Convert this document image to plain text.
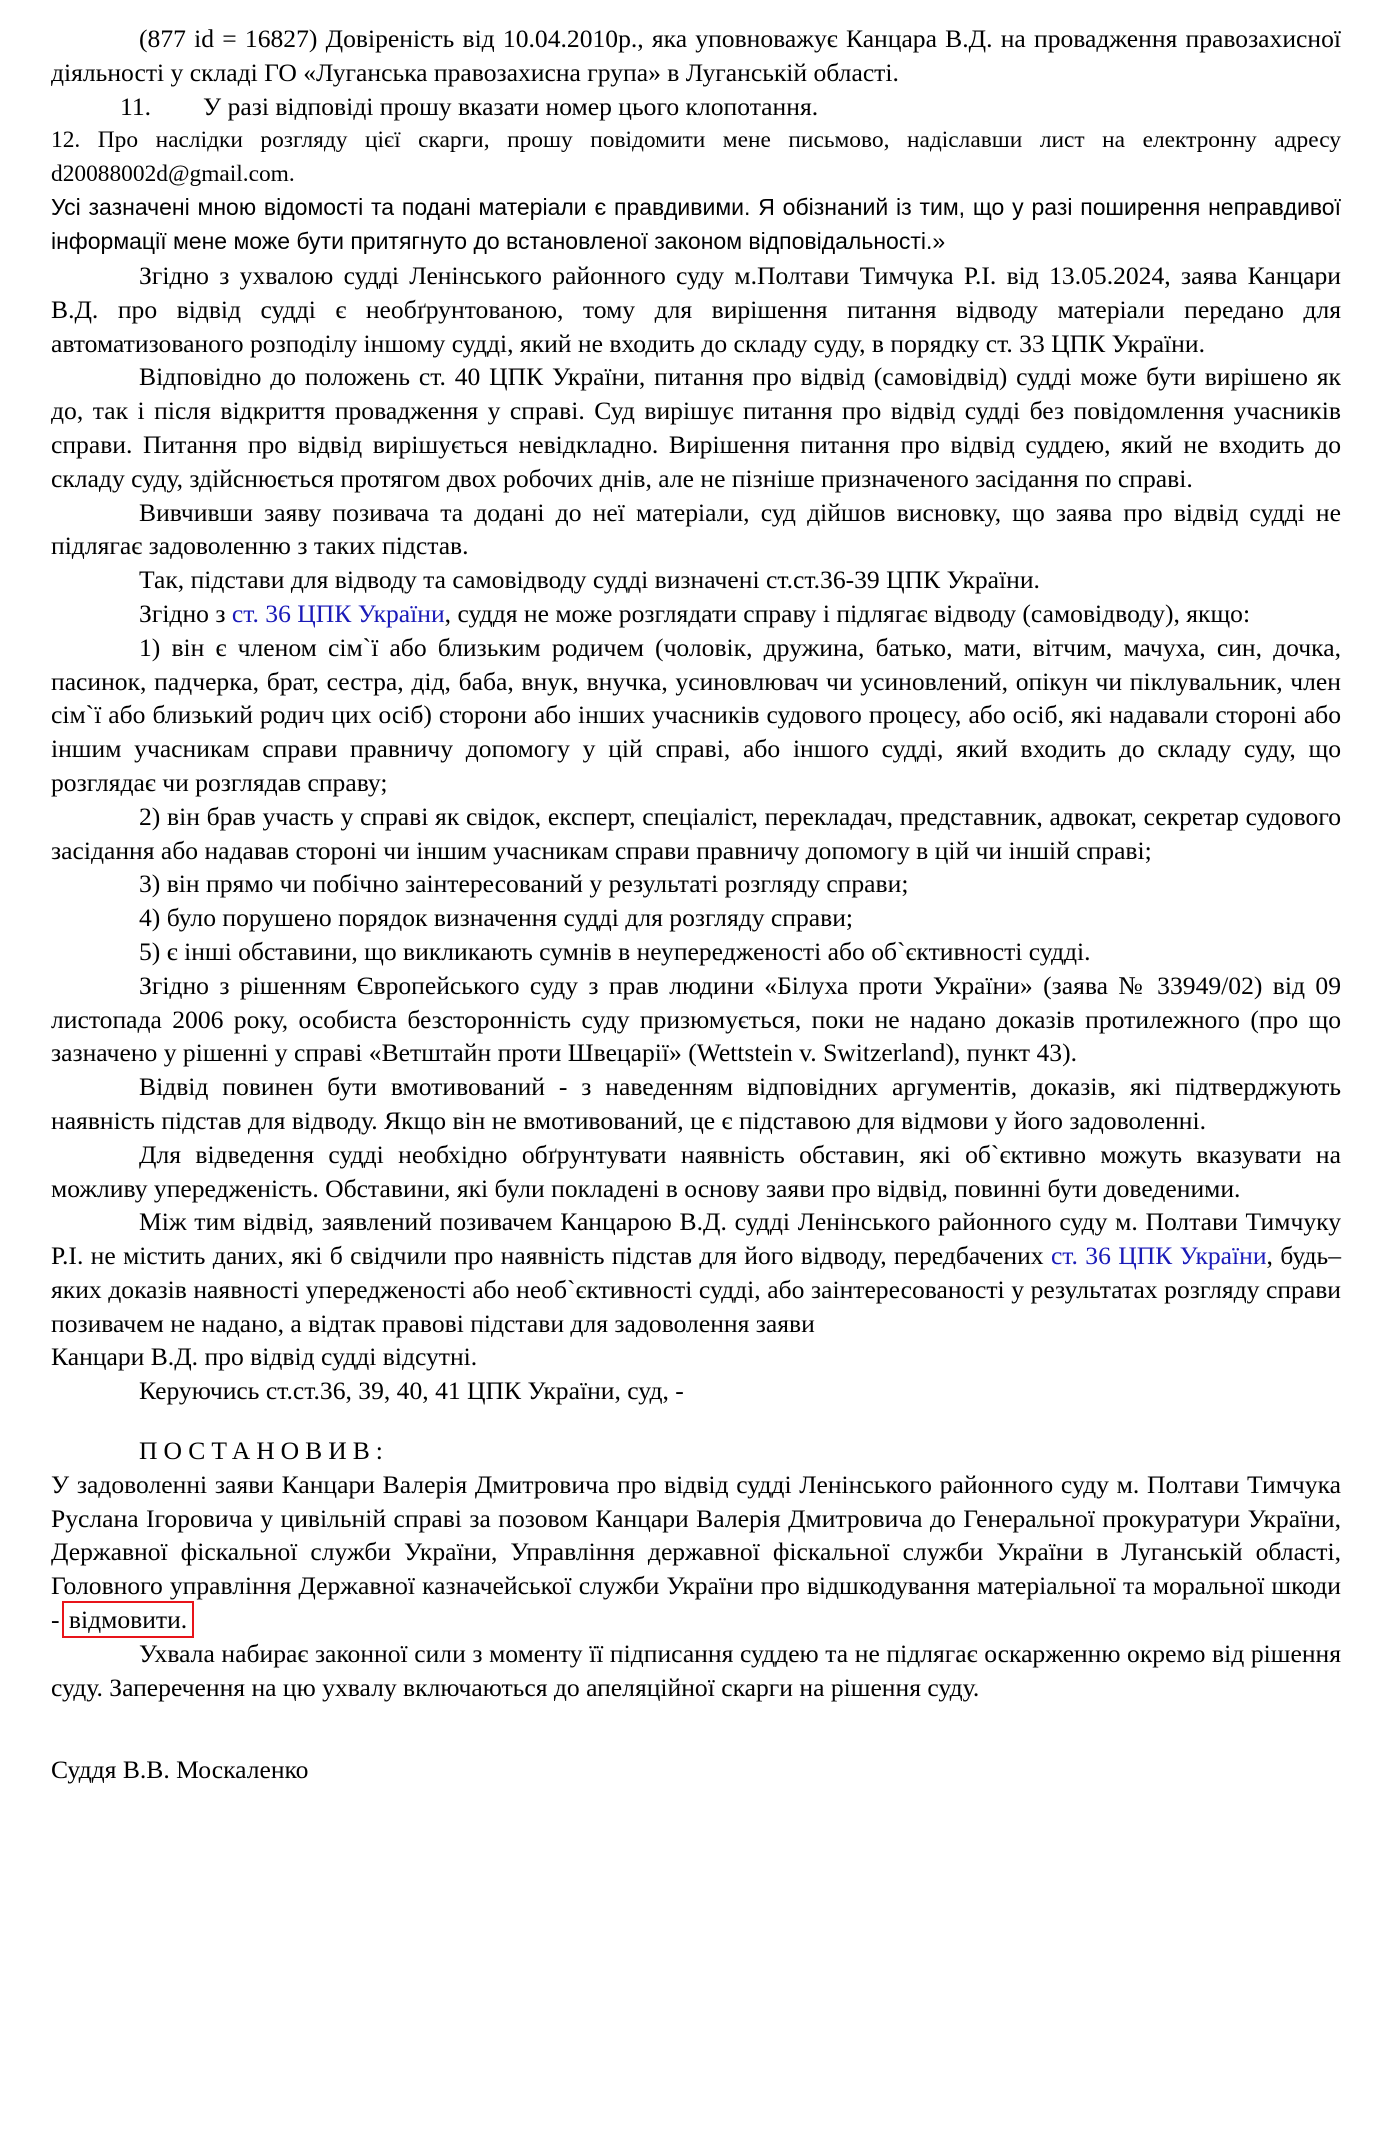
(877 id = 16827) Довіреність від 10.04.2010р., яка уповноважує Канцара В.Д. на провадження правозахисної діяльності у складі ГО «Луганська правозахисна група» в Луганській області.

11. У разі відповіді прошу вказати номер цього клопотання.

12. Про наслідки розгляду цієї скарги, прошу повідомити мене письмово, надіславши лист на електронну адресу d20088002d@gmail.com.

Усі зазначені мною відомості та подані матеріали є правдивими. Я обізнаний із тим, що у разі поширення неправдивої інформації мене може бути притягнуто до встановленої законом відповідальності.»

Згідно з ухвалою судді Ленінського районного суду м.Полтави Тимчука Р.І. від 13.05.2024, заява Канцари В.Д. про відвід судді є необґрунтованою, тому для вирішення питання відводу матеріали передано для автоматизованого розподілу іншому судді, який не входить до складу суду, в порядку ст. 33 ЦПК України.

Відповідно до положень ст. 40 ЦПК України, питання про відвід (самовідвід) судді може бути вирішено як до, так і після відкриття провадження у справі. Суд вирішує питання про відвід судді без повідомлення учасників справи. Питання про відвід вирішується невідкладно. Вирішення питання про відвід суддею, який не входить до складу суду, здійснюється протягом двох робочих днів, але не пізніше призначеного засідання по справі.

Вивчивши заяву позивача та додані до неї матеріали, суд дійшов висновку, що заява про відвід судді не підлягає задоволенню з таких підстав.

Так, підстави для відводу та самовідводу судді визначені ст.ст.36-39 ЦПК України.

Згідно з ст. 36 ЦПК України, суддя не може розглядати справу і підлягає відводу (самовідводу), якщо:

1) він є членом сім`ї або близьким родичем (чоловік, дружина, батько, мати, вітчим, мачуха, син, дочка, пасинок, падчерка, брат, сестра, дід, баба, внук, внучка, усиновлювач чи усиновлений, опікун чи піклувальник, член сім`ї або близький родич цих осіб) сторони або інших учасників судового процесу, або осіб, які надавали стороні або іншим учасникам справи правничу допомогу у цій справі, або іншого судді, який входить до складу суду, що розглядає чи розглядав справу;

2) він брав участь у справі як свідок, експерт, спеціаліст, перекладач, представник, адвокат, секретар судового засідання або надавав стороні чи іншим учасникам справи правничу допомогу в цій чи іншій справі;

3) він прямо чи побічно заінтересований у результаті розгляду справи;

4) було порушено порядок визначення судді для розгляду справи;

5) є інші обставини, що викликають сумнів в неупередженості або об`єктивності судді.

Згідно з рішенням Європейського суду з прав людини «Білуха проти України» (заява № 33949/02) від 09 листопада 2006 року, особиста безсторонність суду призюмується, поки не надано доказів протилежного (про що зазначено у рішенні у справі «Ветштайн проти Швецарії» (Wettstein v. Switzerland), пункт 43).

Відвід повинен бути вмотивований - з наведенням відповідних аргументів, доказів, які підтверджують наявність підстав для відводу. Якщо він не вмотивований, це є підставою для відмови у його задоволенні.

Для відведення судді необхідно обґрунтувати наявність обставин, які об`єктивно можуть вказувати на можливу упередженість. Обставини, які були покладені в основу заяви про відвід, повинні бути доведеними.

Між тим відвід, заявлений позивачем Канцарою В.Д. судді Ленінського районного суду м. Полтави Тимчуку Р.І. не містить даних, які б свідчили про наявність підстав для його відводу, передбачених ст. 36 ЦПК України, будь–яких доказів наявності упередженості або необ`єктивності судді, або заінтересованості у результатах розгляду справи позивачем не надано, а відтак правові підстави для задоволення заяви

Канцари В.Д. про відвід судді відсутні.

Керуючись ст.ст.36, 39, 40, 41 ЦПК України, суд, -

ПОСТАНОВИВ:

У задоволенні заяви Канцари Валерія Дмитровича про відвід судді Ленінського районного суду м. Полтави Тимчука Руслана Ігоровича у цивільній справі за позовом Канцари Валерія Дмитровича до Генеральної прокуратури України, Державної фіскальної служби України, Управління державної фіскальної служби України в Луганській області, Головного управління Державної казначейської служби України про відшкодування матеріальної та моральної шкоди - відмовити.

Ухвала набирає законної сили з моменту її підписання суддею та не підлягає оскарженню окремо від рішення суду. Заперечення на цю ухвалу включаються до апеляційної скарги на рішення суду.

Суддя В.В. Москаленко
